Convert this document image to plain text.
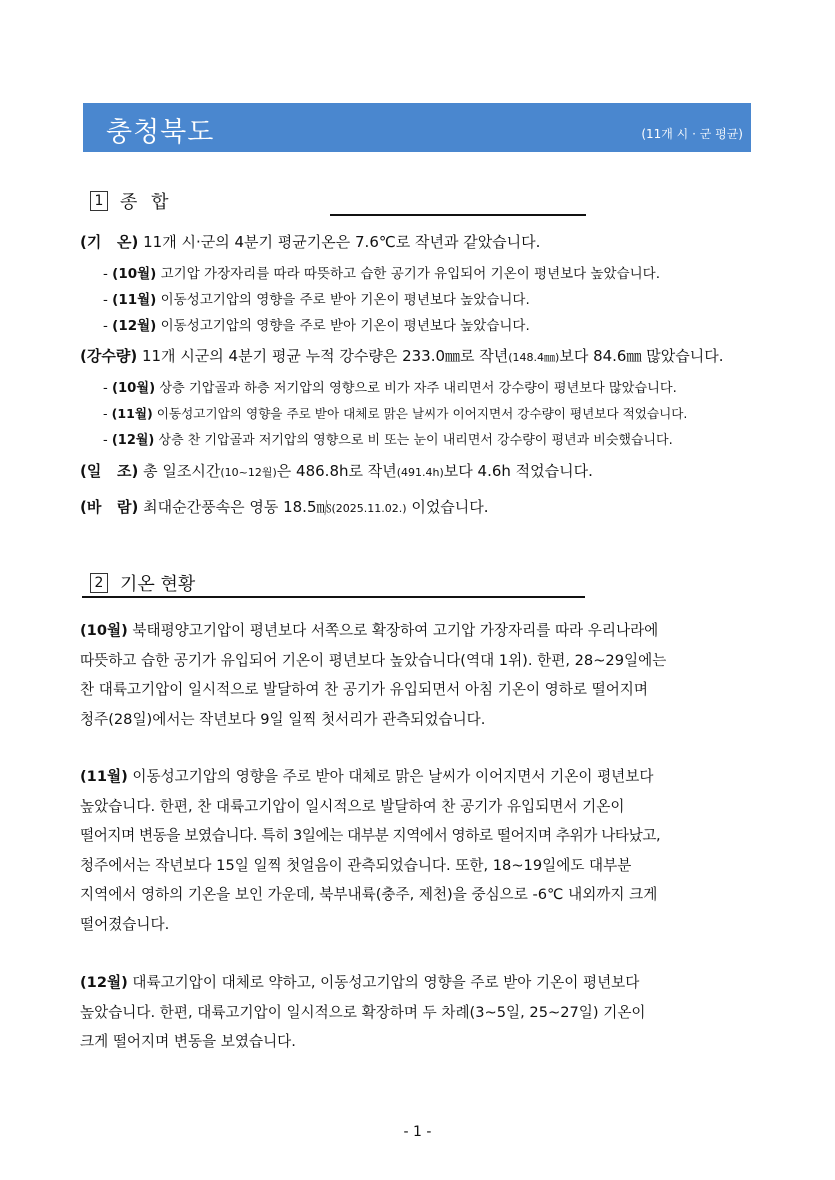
충청북도	(11개 시 · 군 평균)
1 종 합
(기   온) 11개 시·군의 4분기 평균기온은 7.6℃로 작년과 같았습니다.
- (10월) 고기압 가장자리를 따라 따뜻하고 습한 공기가 유입되어 기온이 평년보다 높았습니다.
- (11월) 이동성고기압의 영향을 주로 받아 기온이 평년보다 높았습니다.
- (12월) 이동성고기압의 영향을 주로 받아 기온이 평년보다 높았습니다.
(강수량) 11개 시군의 4분기 평균 누적 강수량은 233.0㎜로 작년(148.4㎜)보다 84.6㎜ 많았습니다.
- (10월) 상층 기압골과 하층 저기압의 영향으로 비가 자주 내리면서 강수량이 평년보다 많았습니다.
- (11월) 이동성고기압의 영향을 주로 받아 대체로 맑은 날씨가 이어지면서 강수량이 평년보다 적었습니다.
- (12월) 상층 찬 기압골과 저기압의 영향으로 비 또는 눈이 내리면서 강수량이 평년과 비슷했습니다.
(일   조) 총 일조시간(10~12월)은 486.8h로 작년(491.4h)보다 4.6h 적었습니다.
(바   람) 최대순간풍속은 영동 18.5㎧(2025.11.02.) 이었습니다.
2 기온 현황
(10월) 북태평양고기압이 평년보다 서쪽으로 확장하여 고기압 가장자리를 따라 우리나라에
따뜻하고 습한 공기가 유입되어 기온이 평년보다 높았습니다(역대 1위). 한편, 28~29일에는
찬 대륙고기압이 일시적으로 발달하여 찬 공기가 유입되면서 아침 기온이 영하로 떨어지며
청주(28일)에서는 작년보다 9일 일찍 첫서리가 관측되었습니다.
(11월) 이동성고기압의 영향을 주로 받아 대체로 맑은 날씨가 이어지면서 기온이 평년보다
높았습니다. 한편, 찬 대륙고기압이 일시적으로 발달하여 찬 공기가 유입되면서 기온이
떨어지며 변동을 보였습니다. 특히 3일에는 대부분 지역에서 영하로 떨어지며 추위가 나타났고,
청주에서는 작년보다 15일 일찍 첫얼음이 관측되었습니다. 또한, 18~19일에도 대부분
지역에서 영하의 기온을 보인 가운데, 북부내륙(충주, 제천)을 중심으로 -6℃ 내외까지 크게
떨어졌습니다.
(12월) 대륙고기압이 대체로 약하고, 이동성고기압의 영향을 주로 받아 기온이 평년보다
높았습니다. 한편, 대륙고기압이 일시적으로 확장하며 두 차례(3~5일, 25~27일) 기온이
크게 떨어지며 변동을 보였습니다.
- 1 -
